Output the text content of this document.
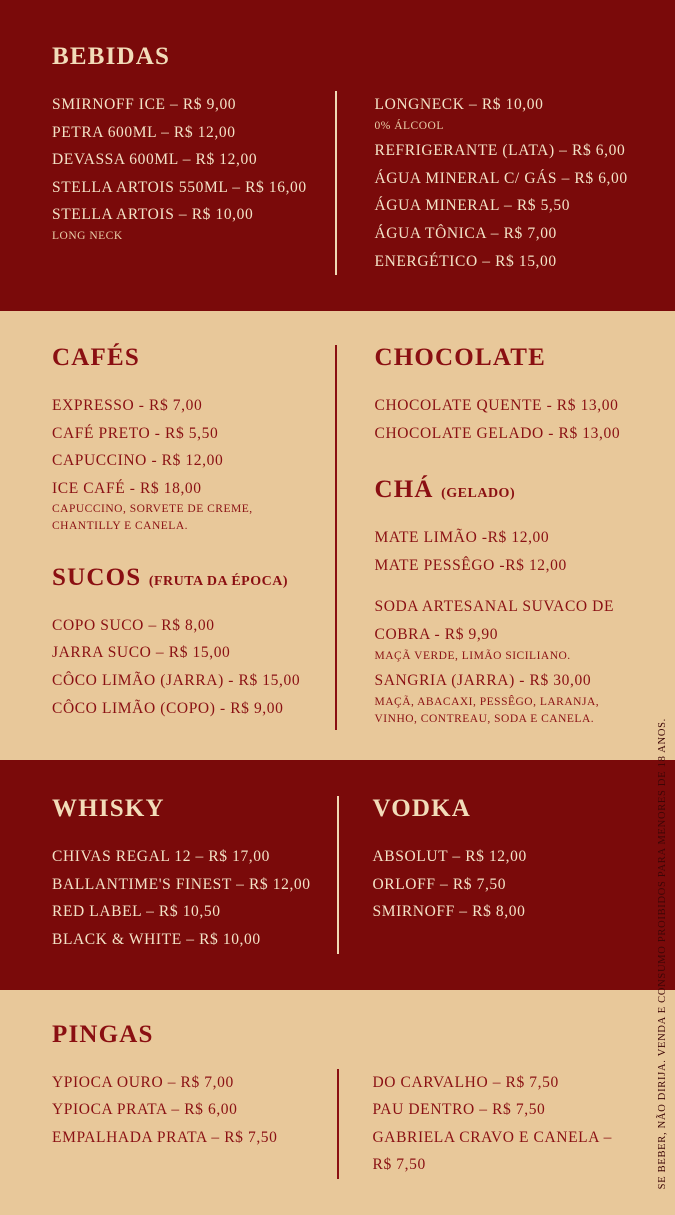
BEBIDAS
SMIRNOFF ICE – R$ 9,00
PETRA 600ML – R$ 12,00
DEVASSA 600ML – R$ 12,00
STELLA ARTOIS 550ML – R$ 16,00
STELLA ARTOIS – R$ 10,00
LONG NECK
LONGNECK – R$ 10,00
0% ÁLCOOL
REFRIGERANTE (LATA) – R$ 6,00
ÁGUA MINERAL C/ GÁS – R$ 6,00
ÁGUA MINERAL – R$ 5,50
ÁGUA TÔNICA – R$ 7,00
ENERGÉTICO – R$ 15,00
CAFÉS
EXPRESSO - R$ 7,00
CAFÉ PRETO - R$ 5,50
CAPUCCINO - R$ 12,00
ICE CAFÉ - R$ 18,00
CAPUCCINO, SORVETE DE CREME, CHANTILLY E CANELA.
SUCOS (FRUTA DA ÉPOCA)
COPO SUCO – R$ 8,00
JARRA SUCO – R$ 15,00
CÔCO LIMÃO (JARRA) - R$ 15,00
CÔCO LIMÃO (COPO) - R$ 9,00
CHOCOLATE
CHOCOLATE QUENTE - R$ 13,00
CHOCOLATE GELADO - R$ 13,00
CHÁ (GELADO)
MATE LIMÃO -R$ 12,00
MATE PESSÊGO -R$ 12,00
SODA ARTESANAL SUVACO DE COBRA - R$ 9,90
MAÇÃ VERDE, LIMÃO SICILIANO.
SANGRIA (JARRA) - R$ 30,00
MAÇÃ, ABACAXI, PESSÊGO, LARANJA, VINHO, CONTREAU, SODA E CANELA.
WHISKY
CHIVAS REGAL 12 – R$ 17,00
BALLANTIME'S FINEST – R$ 12,00
RED LABEL – R$ 10,50
BLACK & WHITE – R$ 10,00
VODKA
ABSOLUT – R$ 12,00
ORLOFF – R$ 7,50
SMIRNOFF – R$ 8,00
PINGAS
YPIOCA OURO – R$ 7,00
YPIOCA PRATA – R$ 6,00
EMPALHADA PRATA – R$ 7,50
DO CARVALHO – R$ 7,50
PAU DENTRO – R$ 7,50
GABRIELA CRAVO E CANELA – R$ 7,50	SE BEBER, NÃO DIRIJA. VENDA E CONSUMO PROIBIDOS PARA MENORES DE 18 ANOS.
